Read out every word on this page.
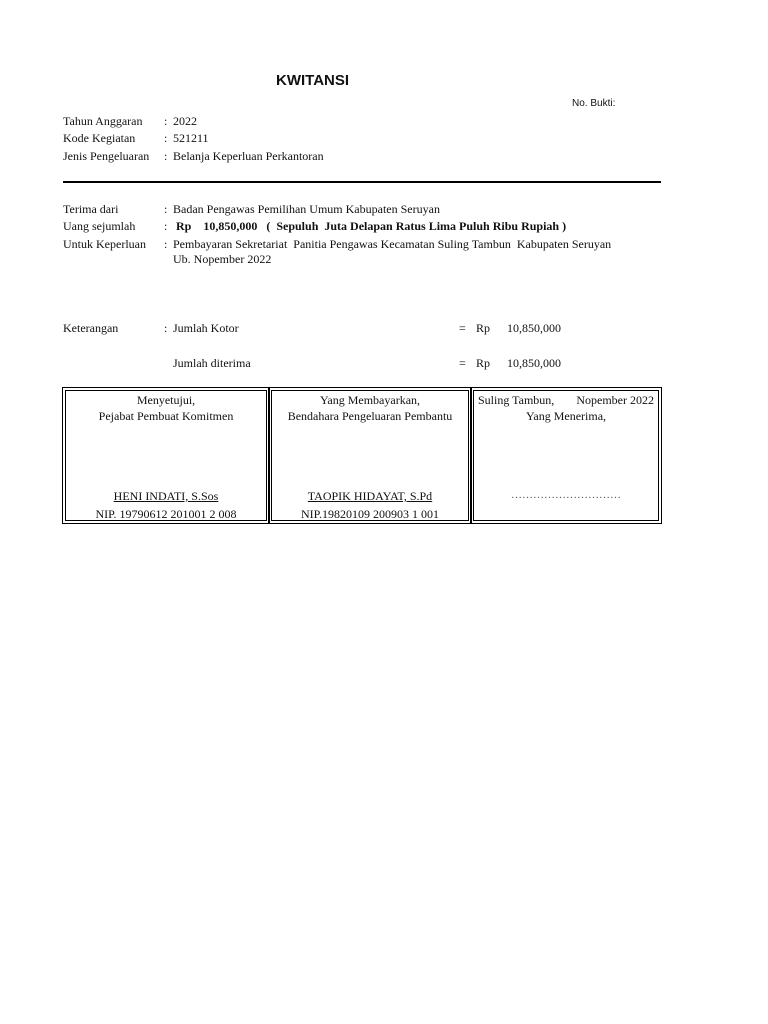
KWITANSI
No. Bukti:
Tahun Anggaran : 2022
Kode Kegiatan : 521211
Jenis Pengeluaran : Belanja Keperluan Perkantoran
Terima dari	: Badan Pengawas Pemilihan Umum Kabupaten Seruyan
Uang sejumlah : Rp    10,850,000   (  Sepuluh  Juta Delapan Ratus Lima Puluh Ribu Rupiah )
Untuk Keperluan : Pembayaran Sekretariat  Panitia Pengawas Kecamatan Suling Tambun  Kabupaten Seruyan
Ub. Nopember 2022
Keterangan	: Jumlah Kotor	= Rp 10,850,000
Jumlah diterima	= Rp 10,850,000
Menyetujui,
Pejabat Pembuat Komitmen
HENI INDATI, S.Sos
NIP. 19790612 201001 2 008
Yang Membayarkan,
Bendahara Pengeluaran Pembantu
TAOPIK HIDAYAT, S.Pd
NIP.19820109 200903 1 001
Suling Tambun, Nopember 2022
Yang Menerima,
…………………………
